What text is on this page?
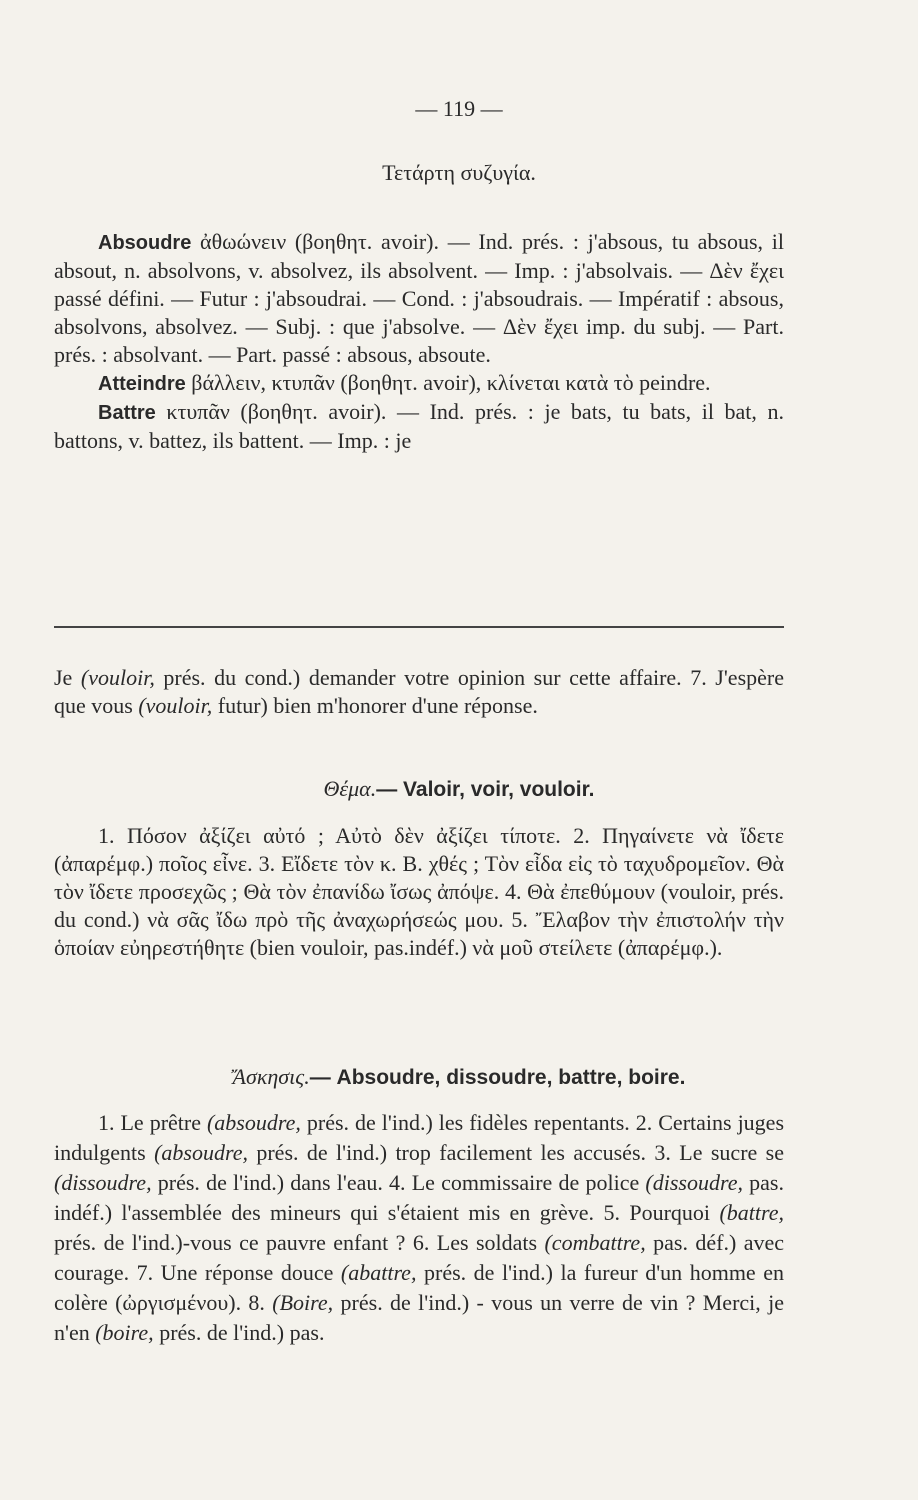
— 119 —
Τετάρτη συζυγία.

Absoudre ἀθωώνειν (βοηθητ. avoir). — Ind. prés. : j'absous, tu absous, il absout, n. absolvons, v. absolvez, ils absolvent. — Imp. : j'absolvais. — Δὲν ἔχει passé défini. — Futur : j'absoudrai. — Cond. : j'absoudrais. — Impératif : absous, absolvons, absolvez. — Subj. : que j'absolve. — Δὲν ἔχει imp. du subj. — Part. prés. : absolvant. — Part. passé : absous, absoute.

Atteindre βάλλειν, κτυπᾶν (βοηθητ. avoir), κλίνεται κατὰ τὸ peindre.

Battre κτυπᾶν (βοηθητ. avoir). — Ind. prés. : je bats, tu bats, il bat, n. battons, v. battez, ils battent. — Imp. : je

Je (vouloir, prés. du cond.) demander votre opinion sur cette affaire. 7. J'espère que vous (vouloir, futur) bien m'honorer d'une réponse.

Θέμα.— Valoir, voir, vouloir.

1. Πόσον ἀξίζει αὐτό ; Αὐτὸ δὲν ἀξίζει τίποτε. 2. Πηγαίνετε νὰ ἴδετε (ἀπαρέμφ.) ποῖος εἶνε. 3. Εἴδετε τὸν κ. Β. χθές ; Τὸν εἶδα εἰς τὸ ταχυδρομεῖον. Θὰ τὸν ἴδετε προσεχῶς ; Θὰ τὸν ἐπανίδω ἴσως ἀπόψε. 4. Θὰ ἐπεθύμουν (vouloir, prés. du cond.) νὰ σᾶς ἴδω πρὸ τῆς ἀναχωρήσεώς μου. 5. Ἔλαβον τὴν ἐπιστολήν τὴν ὁποίαν εὐηρεστήθητε (bien vouloir, pas.indéf.) νὰ μοῦ στείλετε (ἀπαρέμφ.).

Ἄσκησις.— Absoudre, dissoudre, battre, boire.

1. Le prêtre (absoudre, prés. de l'ind.) les fidèles repentants. 2. Certains juges indulgents (absoudre, prés. de l'ind.) trop facilement les accusés. 3. Le sucre se (dissoudre, prés. de l'ind.) dans l'eau. 4. Le commissaire de police (dissoudre, pas. indéf.) l'assemblée des mineurs qui s'étaient mis en grève. 5. Pourquoi (battre, prés. de l'ind.)-vous ce pauvre enfant ? 6. Les soldats (combattre, pas. déf.) avec courage. 7. Une réponse douce (abattre, prés. de l'ind.) la fureur d'un homme en colère (ὠργισμένου). 8. (Boire, prés. de l'ind.) - vous un verre de vin ? Merci, je n'en (boire, prés. de l'ind.) pas.
